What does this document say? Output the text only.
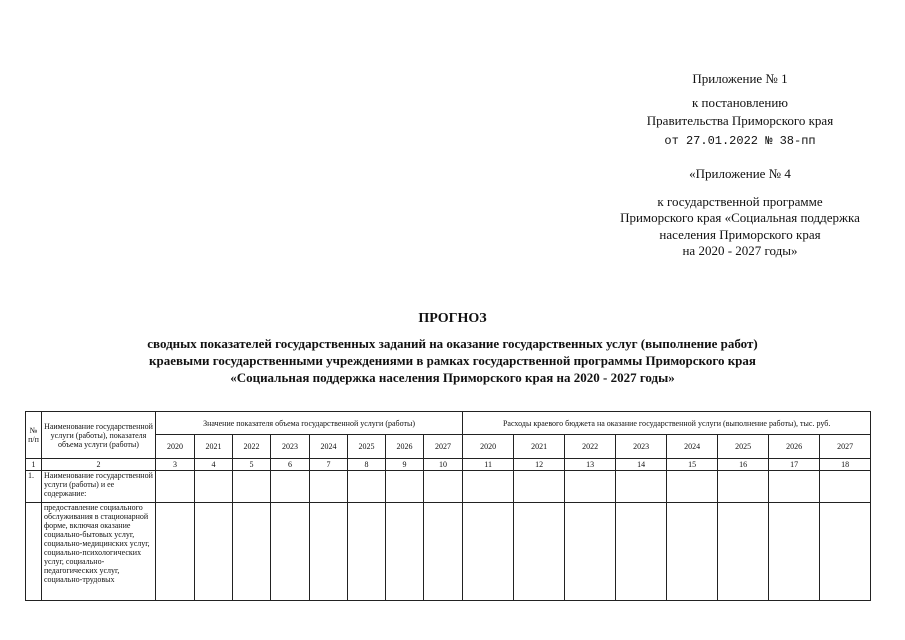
Приложение № 1
к постановлению
Правительства Приморского края
от 27.01.2022 № 38-пп
«Приложение № 4
к государственной программе
Приморского края «Социальная поддержка
населения Приморского края
на 2020 - 2027 годы»
ПРОГНОЗ
сводных показателей государственных заданий на оказание государственных услуг (выполнение работ)
краевыми государственными учреждениями в рамках государственной программы Приморского края
«Социальная поддержка населения Приморского края на 2020 - 2027 годы»
№ п/п	Наименование государственной услуги (работы), показателя объема услуги (работы)	Значение показателя объема государственной услуги (работы)								Расходы краевого бюджета на оказание государственной услуги (выполнение работы), тыс. руб.							
		2020	2021	2022	2023	2024	2025	2026	2027	2020	2021	2022	2023	2024	2025	2026	2027
1	2	3	4	5	6	7	8	9	10	11	12	13	14	15	16	17	18
1.	Наименование государственной услуги (работы) и ее содержание:																
	предоставление социального обслуживания в стационарной форме, включая оказание социально-бытовых услуг, социально-медицинских услуг, социально-психологических услуг, социально-педагогических услуг, социально-трудовых																
